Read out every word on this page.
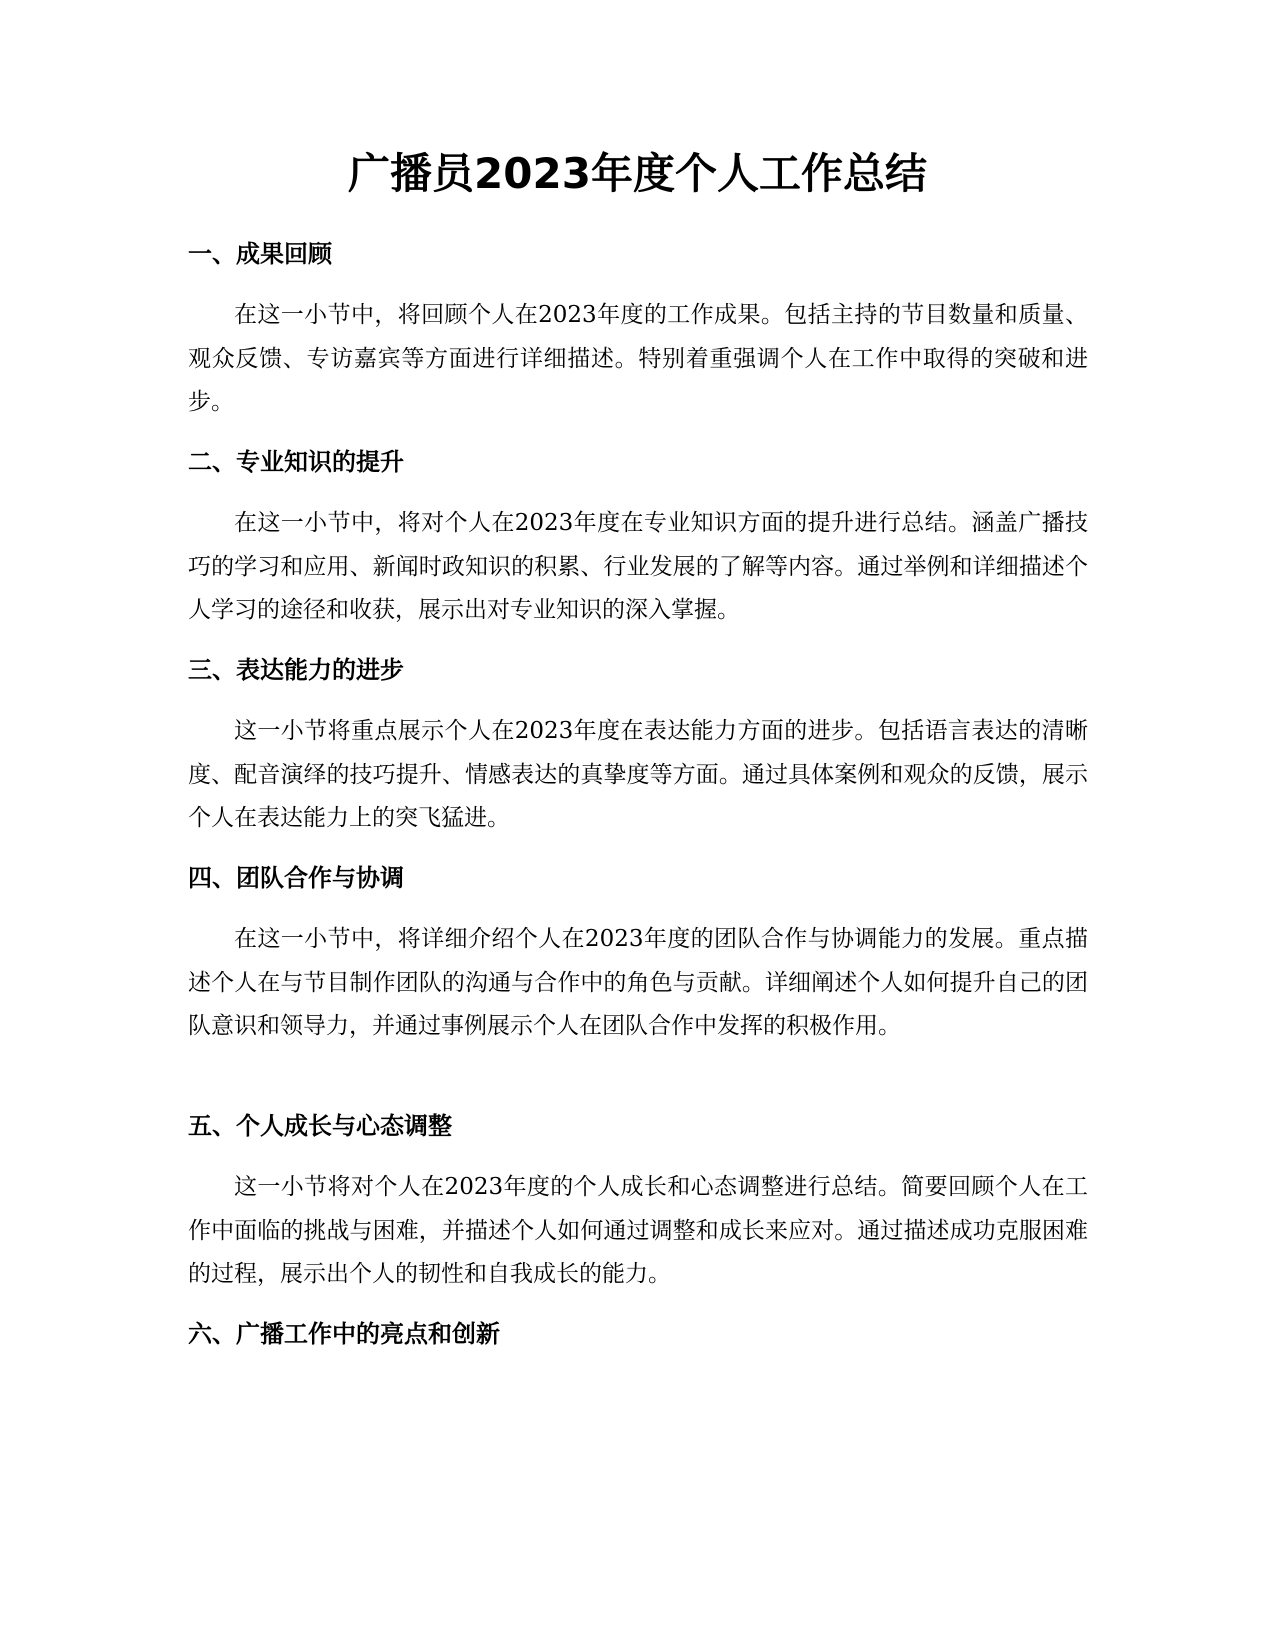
广播员2023年度个人工作总结
一、成果回顾

在这一小节中，将回顾个人在2023年度的工作成果。包括主持的节目数量和质量、观众反馈、专访嘉宾等方面进行详细描述。特别着重强调个人在工作中取得的突破和进步。

二、专业知识的提升

在这一小节中，将对个人在2023年度在专业知识方面的提升进行总结。涵盖广播技巧的学习和应用、新闻时政知识的积累、行业发展的了解等内容。通过举例和详细描述个人学习的途径和收获，展示出对专业知识的深入掌握。

三、表达能力的进步

这一小节将重点展示个人在2023年度在表达能力方面的进步。包括语言表达的清晰度、配音演绎的技巧提升、情感表达的真挚度等方面。通过具体案例和观众的反馈，展示个人在表达能力上的突飞猛进。

四、团队合作与协调

在这一小节中，将详细介绍个人在2023年度的团队合作与协调能力的发展。重点描述个人在与节目制作团队的沟通与合作中的角色与贡献。详细阐述个人如何提升自己的团队意识和领导力，并通过事例展示个人在团队合作中发挥的积极作用。

五、个人成长与心态调整

这一小节将对个人在2023年度的个人成长和心态调整进行总结。简要回顾个人在工作中面临的挑战与困难，并描述个人如何通过调整和成长来应对。通过描述成功克服困难的过程，展示出个人的韧性和自我成长的能力。

六、广播工作中的亮点和创新
